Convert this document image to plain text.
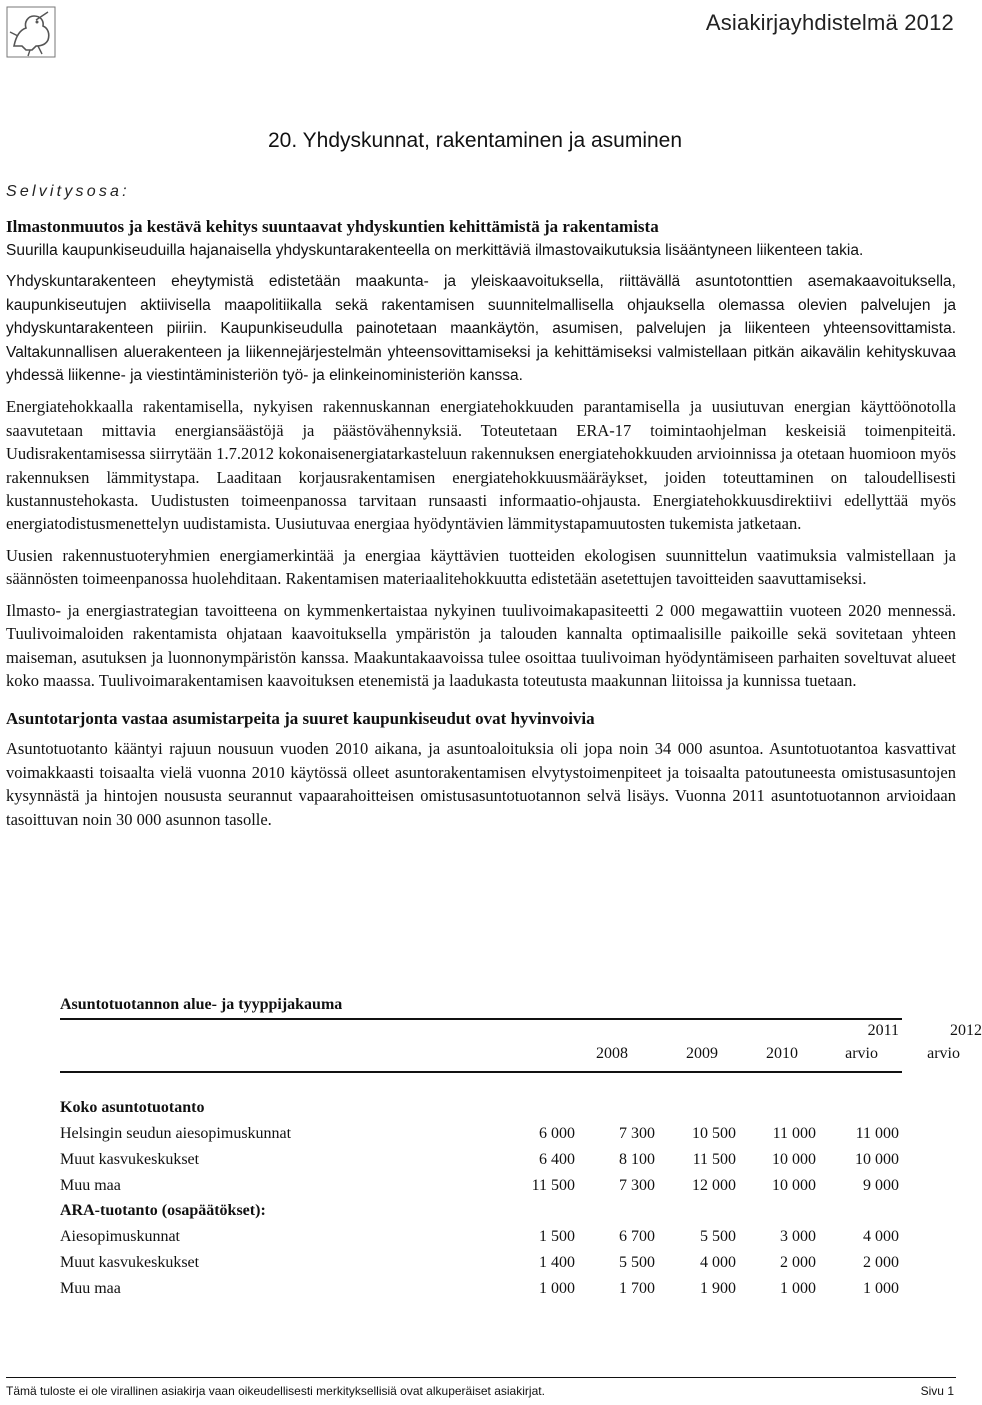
Asiakirjayhdistelmä 2012
20. Yhdyskunnat, rakentaminen ja asuminen
Selvitysosa:

Ilmastonmuutos ja kestävä kehitys suuntaavat yhdyskuntien kehittämistä ja rakentamista

Suurilla kaupunkiseuduilla hajanaisella yhdyskuntarakenteella on merkittäviä ilmastovaikutuksia lisääntyneen liikenteen takia.

Yhdyskuntarakenteen eheytymistä edistetään maakunta- ja yleiskaavoituksella, riittävällä asuntotonttien asemakaavoituksella, kaupunkiseutujen aktiivisella maapolitiikalla sekä rakentamisen suunnitelmallisella ohjauksella olemassa olevien palvelujen ja yhdyskuntarakenteen piiriin. Kaupunkiseudulla painotetaan maankäytön, asumisen, palvelujen ja liikenteen yhteensovittamista. Valtakunnallisen aluerakenteen ja liikennejärjestelmän yhteensovittamiseksi ja kehittämiseksi valmistellaan pitkän aikavälin kehityskuvaa yhdessä liikenne- ja viestintäministeriön työ- ja elinkeinoministeriön kanssa.

Energiatehokkaalla rakentamisella, nykyisen rakennuskannan energiatehokkuuden parantamisella ja uusiutuvan energian käyttöönotolla saavutetaan mittavia energiansäästöjä ja päästövähennyksiä. Toteutetaan ERA-17 toimintaohjelman keskeisiä toimenpiteitä. Uudisrakentamisessa siirrytään 1.7.2012 kokonaisenergiatarkasteluun rakennuksen energiatehokkuuden arvioinnissa ja otetaan huomioon myös rakennuksen lämmitystapa. Laaditaan korjausrakentamisen energiatehokkuusmääräykset, joiden toteuttaminen on taloudellisesti kustannustehokasta. Uudistusten toimeenpanossa tarvitaan runsaasti informaatio-ohjausta. Energiatehokkuusdirektiivi edellyttää myös energiatodistusmenettelyn uudistamista. Uusiutuvaa energiaa hyödyntävien lämmitystapamuutosten tukemista jatketaan.

Uusien rakennustuoteryhmien energiamerkintää ja energiaa käyttävien tuotteiden ekologisen suunnittelun vaatimuksia valmistellaan ja säännösten toimeenpanossa huolehditaan. Rakentamisen materiaalitehokkuutta edistetään asetettujen tavoitteiden saavuttamiseksi.

Ilmasto- ja energiastrategian tavoitteena on kymmenkertaistaa nykyinen tuulivoimakapasiteetti 2 000 megawattiin vuoteen 2020 mennessä. Tuulivoimaloiden rakentamista ohjataan kaavoituksella ympäristön ja talouden kannalta optimaalisille paikoille sekä sovitetaan yhteen maiseman, asutuksen ja luonnonympäristön kanssa. Maakuntakaavoissa tulee osoittaa tuulivoiman hyödyntämiseen parhaiten soveltuvat alueet koko maassa. Tuulivoimarakentamisen kaavoituksen etenemistä ja laadukasta toteutusta maakunnan liitoissa ja kunnissa tuetaan.

Asuntotarjonta vastaa asumistarpeita ja suuret kaupunkiseudut ovat hyvinvoivia

Asuntotuotanto kääntyi rajuun nousuun vuoden 2010 aikana, ja asuntoaloituksia oli jopa noin 34 000 asuntoa. Asuntotuotantoa kasvattivat voimakkaasti toisaalta vielä vuonna 2010 käytössä olleet asuntorakentamisen elvytystoimenpiteet ja toisaalta patoutuneesta omistusasuntojen kysynnästä ja hintojen noususta seurannut vapaarahoitteisen omistusasuntotuotannon selvä lisäys. Vuonna 2011 asuntotuotannon arvioidaan tasoittuvan noin 30 000 asunnon tasolle.

Asuntotuotannon alue- ja tyyppijakauma
2011	2012
2008	2009	2010	arvio	arvio
Koko asuntotuotanto
Helsingin seudun aiesopimuskunnat	6 000	7 300	10 500	11 000	11 000
Muut kasvukeskukset	6 400	8 100	11 500	10 000	10 000
Muu maa	11 500	7 300	12 000	10 000	9 000
ARA-tuotanto (osapäätökset):
Aiesopimuskunnat	1 500	6 700	5 500	3 000	4 000
Muut kasvukeskukset	1 400	5 500	4 000	2 000	2 000
Muu maa	1 000	1 700	1 900	1 000	1 000
Tämä tuloste ei ole virallinen asiakirja vaan oikeudellisesti merkityksellisiä ovat alkuperäiset asiakirjat.	Sivu 1
